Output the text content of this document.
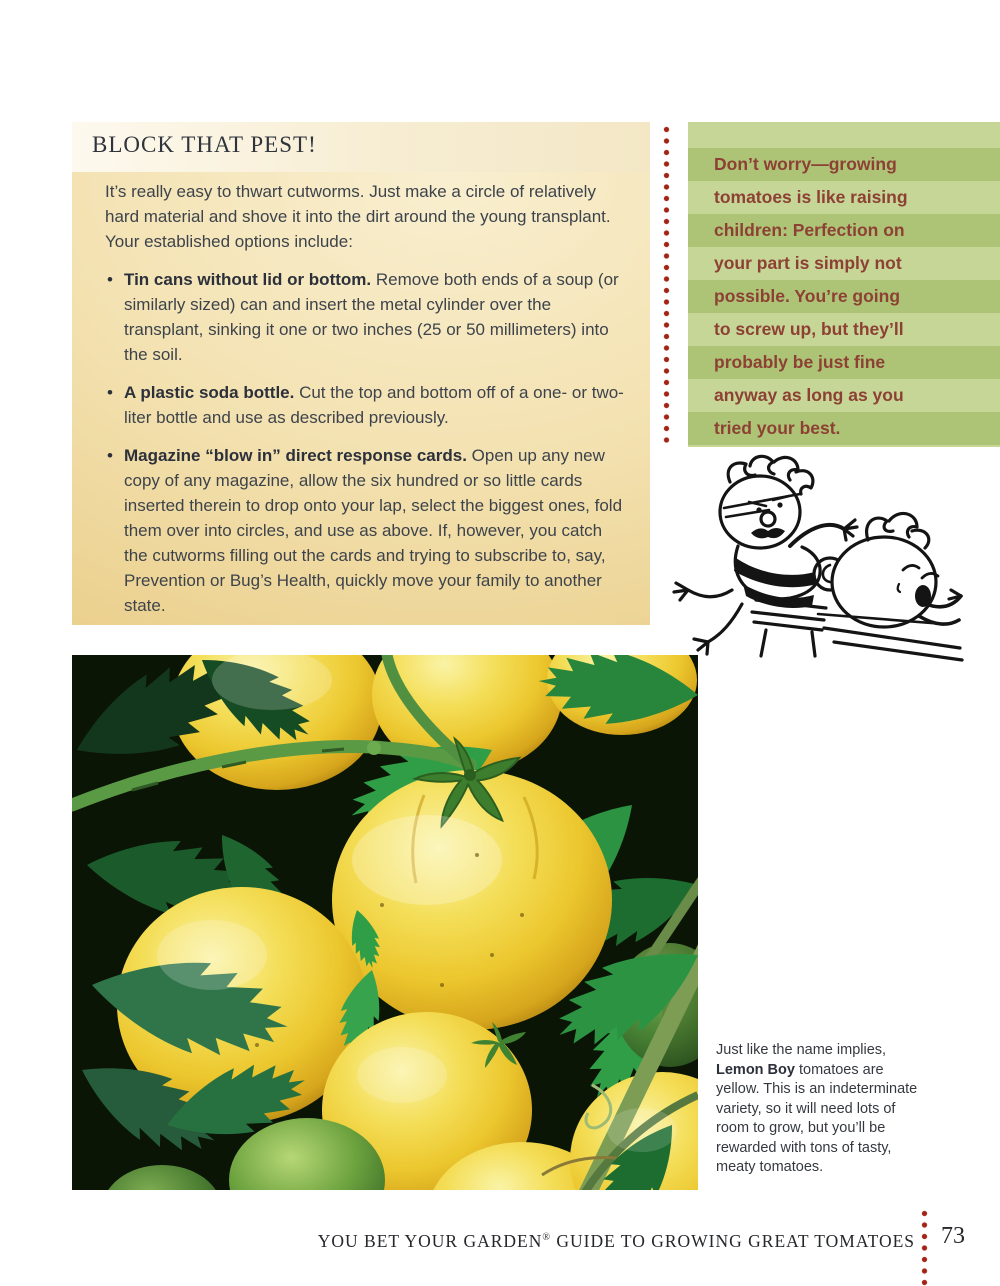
BLOCK THAT PEST!

It’s really easy to thwart cutworms. Just make a circle of relatively hard material and shove it into the dirt around the young transplant. Your established options include:

• Tin cans without lid or bottom. Remove both ends of a soup (or similarly sized) can and insert the metal cylinder over the transplant, sinking it one or two inches (25 or 50 millimeters) into the soil.
• A plastic soda bottle. Cut the top and bottom off of a one- or two-liter bottle and use as described previously.
• Magazine “blow in” direct response cards. Open up any new copy of any magazine, allow the six hundred or so little cards inserted therein to drop onto your lap, select the biggest ones, fold them over into circles, and use as above. If, however, you catch the cutworms filling out the cards and trying to subscribe to, say, Prevention or Bug’s Health, quickly move your family to another state.
Don’t worry—growing tomatoes is like raising children: Perfection on your part is simply not possible. You’re going to screw up, but they’ll probably be just fine anyway as long as you tried your best.
Just like the name implies, Lemon Boy tomatoes are yellow. This is an indeterminate variety, so it will need lots of room to grow, but you’ll be rewarded with tons of tasty, meaty tomatoes.
YOU BET YOUR GARDEN® GUIDE TO GROWING GREAT TOMATOES 73
